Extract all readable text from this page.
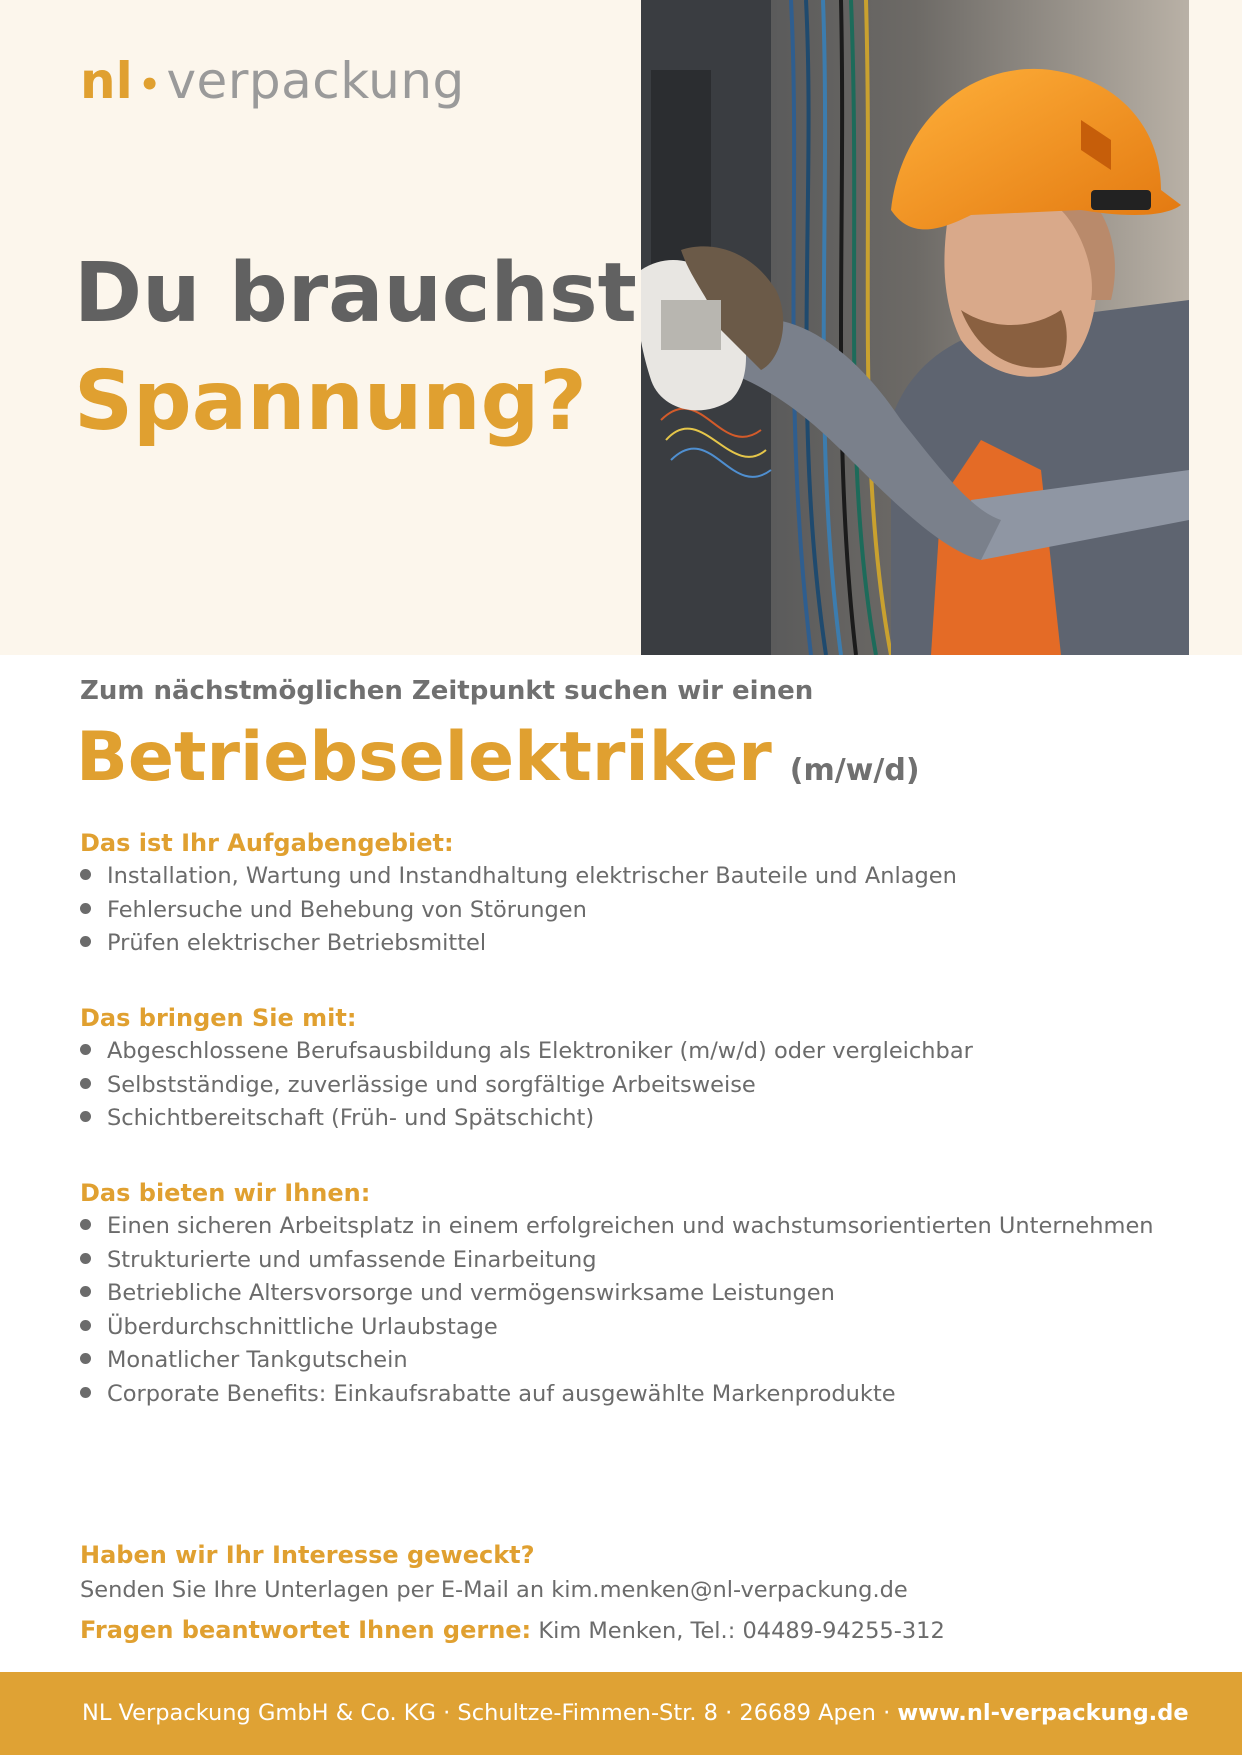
nl • verpackung
Du brauchst
Spannung?
Zum nächstmöglichen Zeitpunkt suchen wir einen
Betriebselektriker (m/w/d)
Das ist Ihr Aufgabengebiet:
Installation, Wartung und Instandhaltung elektrischer Bauteile und Anlagen
Fehlersuche und Behebung von Störungen
Prüfen elektrischer Betriebsmittel
Das bringen Sie mit:
Abgeschlossene Berufsausbildung als Elektroniker (m/w/d) oder vergleichbar
Selbstständige, zuverlässige und sorgfältige Arbeitsweise
Schichtbereitschaft (Früh- und Spätschicht)
Das bieten wir Ihnen:
Einen sicheren Arbeitsplatz in einem erfolgreichen und wachstumsorientierten Unternehmen
Strukturierte und umfassende Einarbeitung
Betriebliche Altersvorsorge und vermögenswirksame Leistungen
Überdurchschnittliche Urlaubstage
Monatlicher Tankgutschein
Corporate Benefits: Einkaufsrabatte auf ausgewählte Markenprodukte
Haben wir Ihr Interesse geweckt?
Senden Sie Ihre Unterlagen per E-Mail an kim.menken@nl-verpackung.de
Fragen beantwortet Ihnen gerne: Kim Menken, Tel.: 04489-94255-312
NL Verpackung GmbH & Co. KG · Schultze-Fimmen-Str. 8 · 26689 Apen · www.nl-verpackung.de
